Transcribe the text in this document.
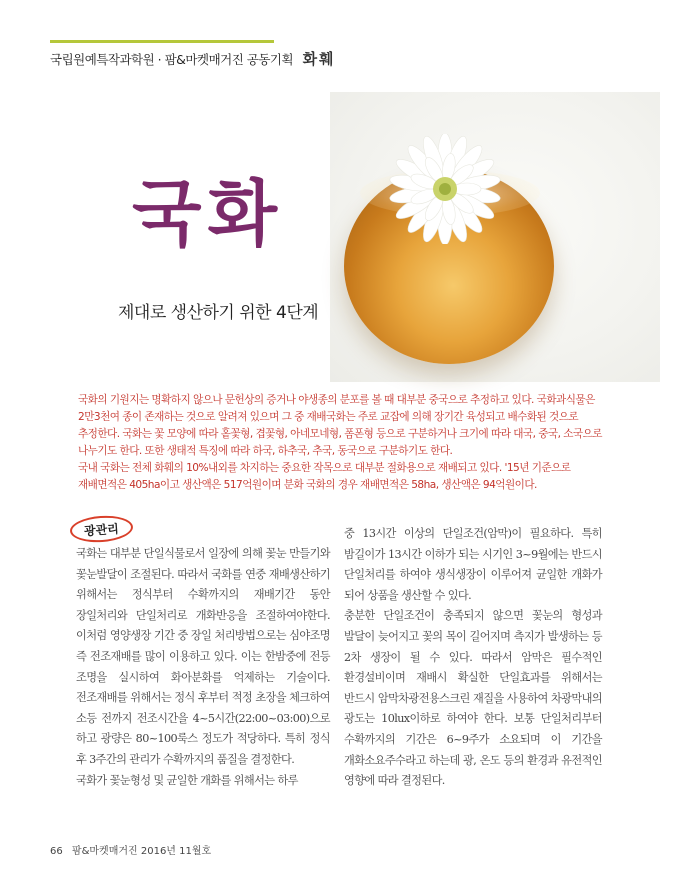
국립원예특작과학원 · 팜&마켓매거진 공동기획 화훼
국화
제대로 생산하기 위한 4단계

국화의 기원지는 명확하지 않으나 문헌상의 증거나 야생종의 분포를 볼 때 대부분 중국으로 추정하고 있다. 국화과식물은 2만3천여 종이 존재하는 것으로 알려져 있으며 그 중 재배국화는 주로 교잡에 의해 장기간 육성되고 배수화된 것으로 추정한다. 국화는 꽃 모양에 따라 홑꽃형, 겹꽃형, 아네모네형, 폼폰형 등으로 구분하거나 크기에 따라 대국, 중국, 소국으로 나누기도 한다. 또한 생태적 특징에 따라 하국, 하추국, 추국, 동국으로 구분하기도 한다.

국내 국화는 전체 화훼의 10%내외를 차지하는 중요한 작목으로 대부분 절화용으로 재배되고 있다. '15년 기준으로 재배면적은 405ha이고 생산액은 517억원이며 분화 국화의 경우 재배면적은 58ha, 생산액은 94억원이다.

광관리

국화는 대부분 단일식물로서 일장에 의해 꽃눈 만들기와 꽃눈발달이 조절된다. 따라서 국화를 연중 재배생산하기 위해서는 정식부터 수확까지의 재배기간 동안 장일처리와 단일처리로 개화반응을 조절하여야한다. 이처럼 영양생장 기간 중 장일 처리방법으로는 심야조명 즉 전조재배를 많이 이용하고 있다. 이는 한밤중에 전등 조명을 실시하여 화아분화를 억제하는 기술이다. 전조재배를 위해서는 정식 후부터 적정 초장을 체크하여 소등 전까지 전조시간을 4~5시간(22:00~03:00)으로 하고 광량은 80~100룩스 정도가 적당하다. 특히 정식 후 3주간의 관리가 수확까지의 품질을 결정한다.

국화가 꽃눈형성 및 균일한 개화를 위해서는 하루

중 13시간 이상의 단일조건(암막)이 필요하다. 특히 밤길이가 13시간 이하가 되는 시기인 3~9월에는 반드시 단일처리를 하여야 생식생장이 이루어져 균일한 개화가 되어 상품을 생산할 수 있다.

충분한 단일조건이 충족되지 않으면 꽃눈의 형성과 발달이 늦어지고 꽃의 목이 길어지며 측지가 발생하는 등 2차 생장이 될 수 있다. 따라서 암막은 필수적인 환경설비이며 재배시 확실한 단일효과를 위해서는 반드시 암막차광전용스크린 재질을 사용하여 차광막내의 광도는 10lux이하로 하여야 한다. 보통 단일처리부터 수확까지의 기간은 6~9주가 소요되며 이 기간을 개화소요주수라고 하는데 광, 온도 등의 환경과 유전적인 영향에 따라 결정된다.

66 팜&마켓매거진 2016년 11월호
